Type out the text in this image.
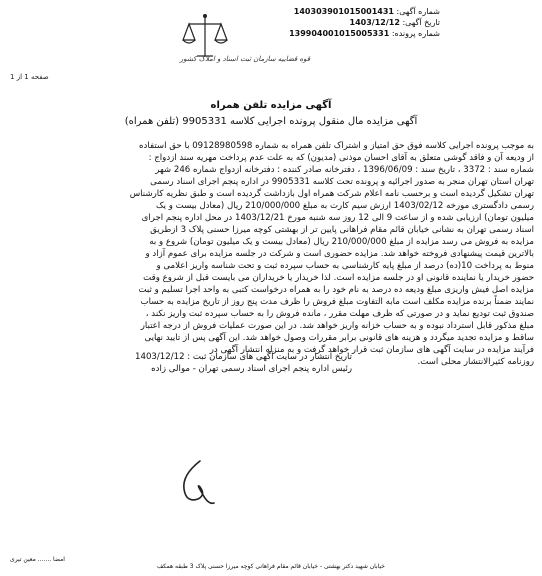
شماره آگهی: 140303901015001431
تاریخ آگهی: 1403/12/12
شماره پرونده: 139904001015005331
قوه قضاییه سازمان ثبت اسناد و املاک کشور
صفحه 1 از 1
آگهی مزایده تلفن همراه
آگهی مزایده مال منقول پرونده اجرایی کلاسه 9905331 (تلفن همراه)
به موجب پرونده اجرایی کلاسه فوق حق امتیاز و اشتراک تلفن همراه به شماره 09128980598 با حق استفاده
از ودیعه آن و فاقد گوشی متعلق به آقای احسان موذنی (مدیون) که به علت عدم پرداخت مهریه سند ازدواج :
شماره سند : 3372 ، تاریخ سند : 1396/06/09 ، دفترخانه صادر کننده : دفترخانه ازدواج شماره 246 شهر
تهران استان تهران منجر به صدور اجرائیه و پرونده تحت کلاسه 9905331 در اداره پنجم اجرای اسناد رسمی
تهران تشکیل گردیده است و برحسب نامه اعلام شرکت همراه اول بازداشت گردیده است و طبق نظریه کارشناس
رسمی دادگستری مورخه 1403/02/12 ارزش سیم کارت به مبلغ 210/000/000 ریال (معادل بیست و یک
میلیون تومان) ارزیابی شده و از ساعت 9 الی 12 روز سه شنبه مورخ 1403/12/21 در محل اداره پنجم اجرای
اسناد رسمی تهران به نشانی خیابان قائم مقام فراهانی پایین تر از بهشتی کوچه میرزا حسنی پلاک 3 ازطریق
مزایده به فروش می رسد مزایده از مبلغ 210/000/000 ریال (معادل بیست و یک میلیون تومان) شروع و به
بالاترین قیمت پیشنهادی فروخته خواهد شد. مزایده حضوری است و شرکت در جلسه مزایده برای عموم آزاد و
منوط به پرداخت 10(ده) درصد از مبلغ پایه کارشناسی به حساب سپرده ثبت و تحت شناسه واریز اعلامی و
حضور خریدار یا نماینده قانونی او در جلسه مزایده است. لذا خریدار یا خریداران می بایست قبل از شروع وقت
مزایده اصل فیش واریزی مبلغ ودیعه ده درصد به نام خود را به همراه درخواست کتبی به واحد اجرا تسلیم و ثبت
نمایند ضمناً برنده مزایده مکلف است مابه التفاوت مبلغ فروش را ظرف مدت پنج روز از تاریخ مزایده به حساب
صندوق ثبت تودیع نماید و در صورتی که ظرف مهلت مقرر ، مانده فروش را به حساب سپرده ثبت واریز نکند ،
مبلغ مذکور قابل استرداد نبوده و به حساب خزانه واریز خواهد شد. در این صورت عملیات فروش از درجه اعتبار
ساقط و مزایده تجدید میگردد و هزینه های قانونی برابر مقررات وصول خواهد شد. این آگهی پس از تایید نهایی
فرآیند مزایده در سایت آگهی های سازمان ثبت قرار خواهد گرفت و به منزله انتشار آگهی در
روزنامه کثیرالانتشار محلی است.
تاریخ انتشار در سایت آگهی های سازمان ثبت : 1403/12/12
رئیس اداره پنجم اجرای اسناد رسمی تهران - موالی زاده
امضا ....... معین تیری
خیابان شهید دکتر بهشتی - خیابان قائم مقام فراهانی کوچه میرزا حسنی پلاک 3 طبقه همکف
